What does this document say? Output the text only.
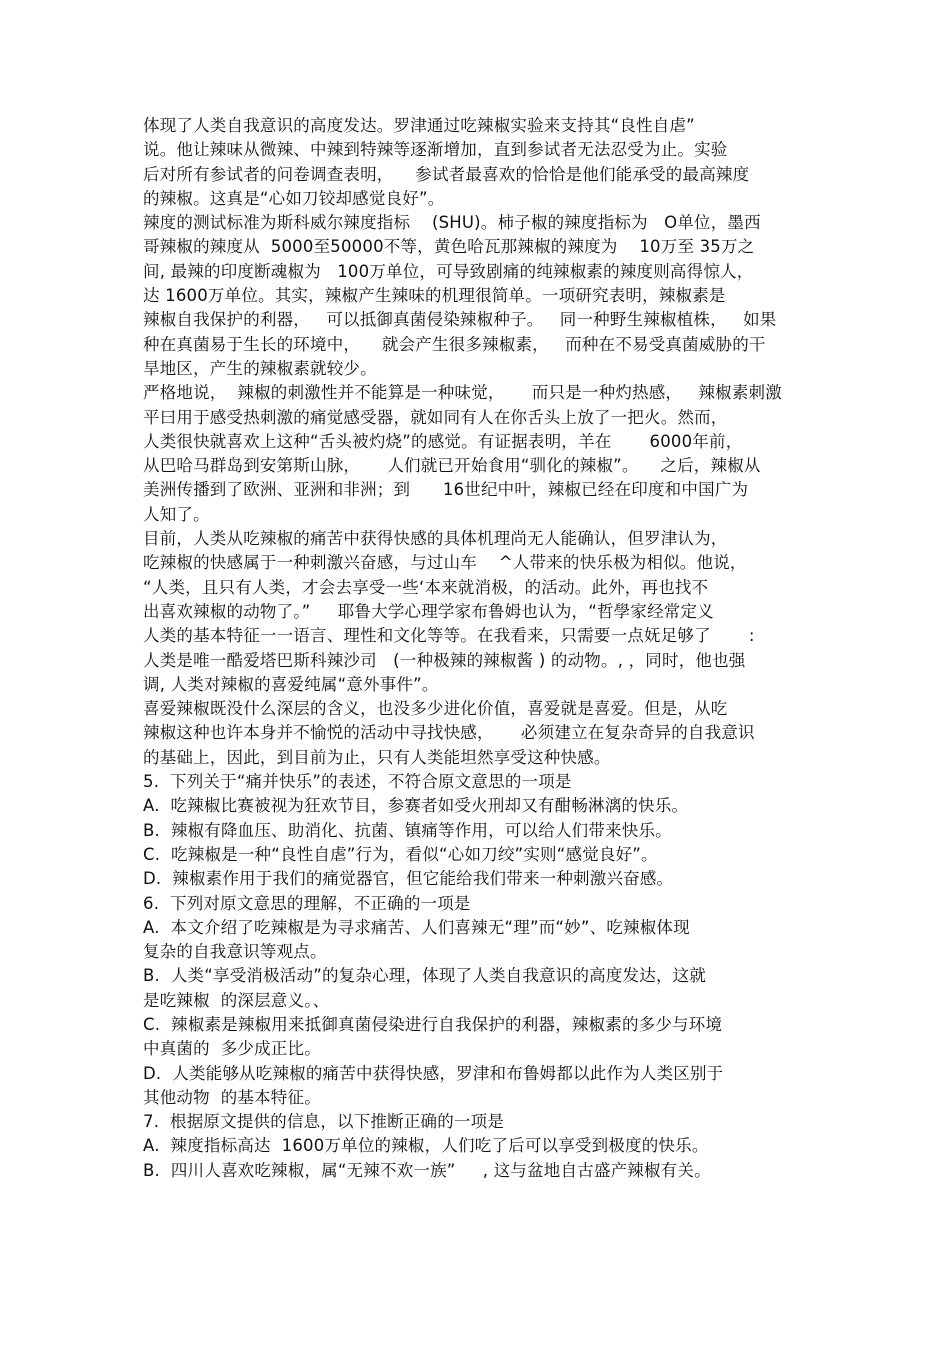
体现了人类自我意识的高度发达。罗津通过吃辣椒实验来支持其“良性自虐”
说。他让辣味从微辣、中辣到特辣等逐渐增加，直到参试者无法忍受为止。实验
后对所有参试者的问卷调查表明，    参试者最喜欢的恰恰是他们能承受的最高辣度
的辣椒。这真是“心如刀铰却感觉良好”。
辣度的测试标准为斯科威尔辣度指标    (SHU)。柿子椒的辣度指标为   O单位，墨西
哥辣椒的辣度从  5000至50000不等，黄色哈瓦那辣椒的辣度为    10万至 35万之
间, 最辣的印度断魂椒为   100万单位，可导致剧痛的纯辣椒素的辣度则高得惊人，
达 1600万单位。其实，辣椒产生辣味的机理很简单。一项研究表明，辣椒素是
辣椒自我保护的利器，   可以抵御真菌侵染辣椒种子。   同一种野生辣椒植株，   如果
种在真菌易于生长的环境中，    就会产生很多辣椒素，   而种在不易受真菌威胁的干
旱地区，产生的辣椒素就较少。
严格地说，  辣椒的刺激性并不能算是一种味觉，     而只是一种灼热感，   辣椒素刺激
平曰用于感受热刺激的痛觉感受器，就如同有人在你舌头上放了一把火。然而，
人类很快就喜欢上这种“舌头被灼烧”的感觉。有证据表明，羊在       6000年前，
从巴哈马群岛到安第斯山脉，     人们就已开始食用“驯化的辣椒”。    之后，辣椒从
美洲传播到了欧洲、亚洲和非洲；到      16世纪中叶，辣椒已经在印度和中国广为
人知了。
目前，人类从吃辣椒的痛苦中获得快感的具体机理尚无人能确认，但罗津认为，
吃辣椒的快感属于一种刺激兴奋感，与过山车    ^人带来的快乐极为相似。他说，
“人类，且只有人类，才会去享受一些‘本来就消极，的活动。此外，再也找不
出喜欢辣椒的动物了。”     耶鲁大学心理学家布鲁姆也认为，“哲學家经常定义
人类的基本特征一一语言、理性和文化等等。在我看来，只需要一点妩足够了       :
人类是唯一酷爱塔巴斯科辣沙司   (一种极辣的辣椒酱 ) 的动物。, ，同时，他也强
调, 人类对辣椒的喜爱纯属“意外事件”。
喜爱辣椒既没什么深层的含义，也没多少进化价值，喜爱就是喜爱。但是，从吃
辣椒这种也许本身并不愉悦的活动中寻找快感，     必须建立在复杂奇异的自我意识
的基础上，因此，到目前为止，只有人类能坦然享受这种快感。
5.  下列关于“痛并快乐”的表述，不符合原文意思的一项是
A.  吃辣椒比赛被视为狂欢节目，参赛者如受火刑却又有酣畅淋漓的快乐。
B.  辣椒有降血压、助消化、抗菌、镇痛等作用，可以给人们带来快乐。
C.  吃辣椒是一种“良性自虐”行为，看似“心如刀绞”实则“感觉良好”。
D.  辣椒素作用于我们的痛觉器官，但它能给我们带来一种刺激兴奋感。
6.  下列对原文意思的理解，不正确的一项是
A.  本文介绍了吃辣椒是为寻求痛苦、人们喜辣无“理”而“妙”、吃辣椒体现
复杂的自我意识等观点。
B.  人类“享受消极活动”的复杂心理，体现了人类自我意识的高度发达，这就
是吃辣椒  的深层意义。、
C.  辣椒素是辣椒用来抵御真菌侵染进行自我保护的利器，辣椒素的多少与环境
中真菌的  多少成正比。
D.  人类能够从吃辣椒的痛苦中获得快感，罗津和布鲁姆都以此作为人类区别于
其他动物  的基本特征。
7.  根据原文提供的信息，以下推断正确的一项是
A.  辣度指标高达  1600万单位的辣椒，人们吃了后可以享受到极度的快乐。
B.  四川人喜欢吃辣椒，属“无辣不欢一族”     , 这与盆地自古盛产辣椒有关。
